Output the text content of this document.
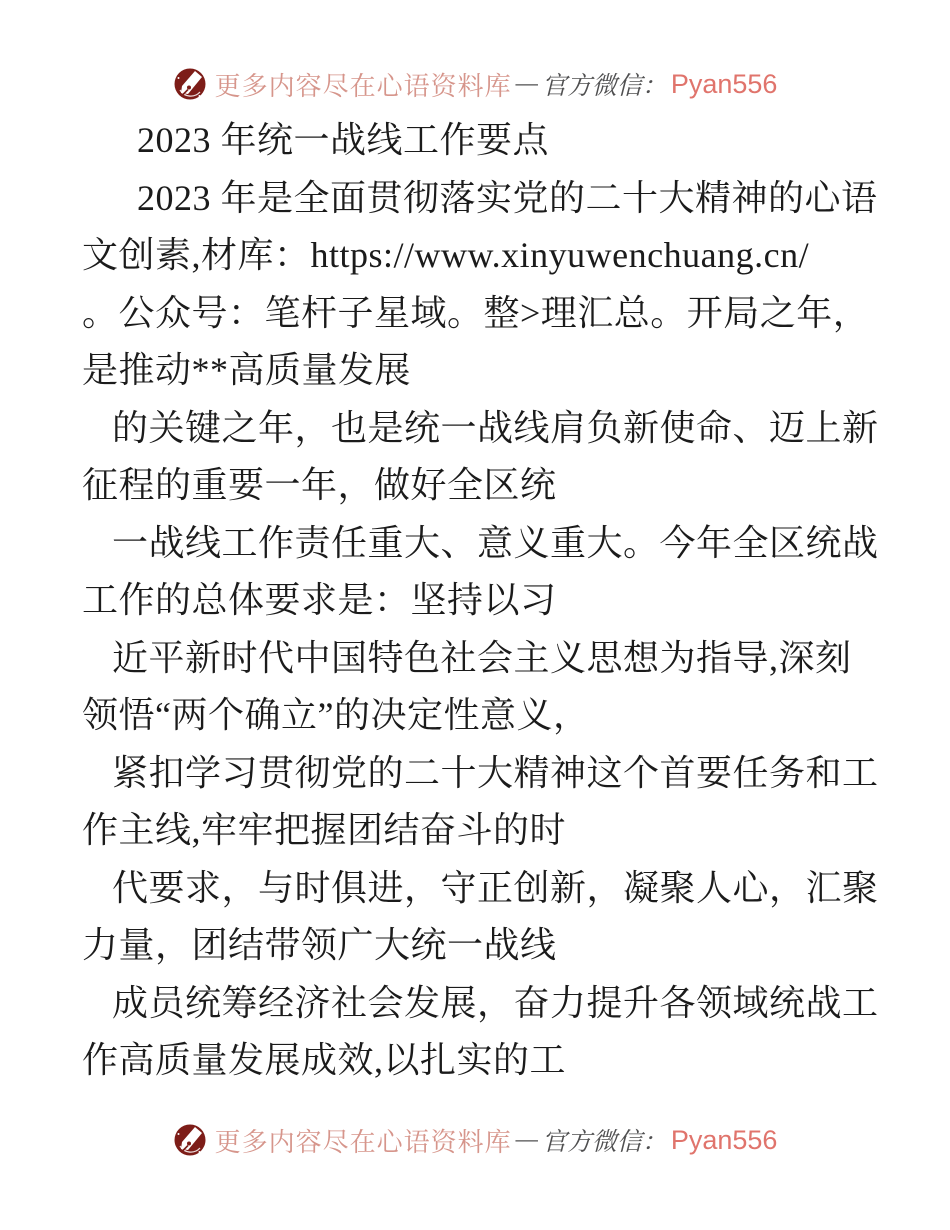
更多内容尽在心语资料库 — 官方微信： Pyan556
2023 年统一战线工作要点
2023 年是全面贯彻落实党的二十大精神的心语
文创素,材库：https://www.xinyuwenchuang.cn/
。公众号：笔杆子星域。整>理汇总。开局之年，
是推动**高质量发展
的关键之年，也是统一战线肩负新使命、迈上新
征程的重要一年，做好全区统
一战线工作责任重大、意义重大。今年全区统战
工作的总体要求是：坚持以习
近平新时代中国特色社会主义思想为指导,深刻
领悟“两个确立”的决定性意义，
紧扣学习贯彻党的二十大精神这个首要任务和工
作主线,牢牢把握团结奋斗的时
代要求，与时俱进，守正创新，凝聚人心，汇聚
力量，团结带领广大统一战线
成员统筹经济社会发展，奋力提升各领域统战工
作高质量发展成效,以扎实的工
更多内容尽在心语资料库 — 官方微信： Pyan556
